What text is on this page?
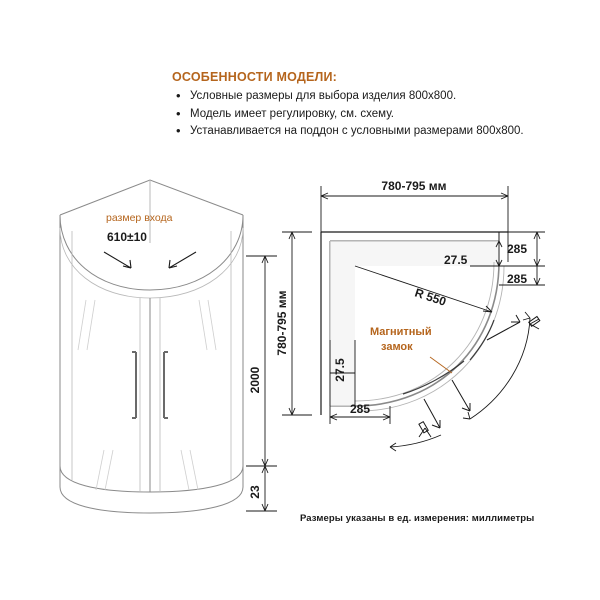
ОСОБЕННОСТИ МОДЕЛИ:
• Условные размеры для выбора изделия 800х800.
• Модель имеет регулировку, см. схему.
• Устанавливается на поддон с условными размерами 800х800.
размер входа
610±10
2000
23
780-795 мм
780-795 мм	R 550
27.5
285
285
27.5
285
Магнитный
замок
Размеры указаны в ед. измерения: миллиметры
